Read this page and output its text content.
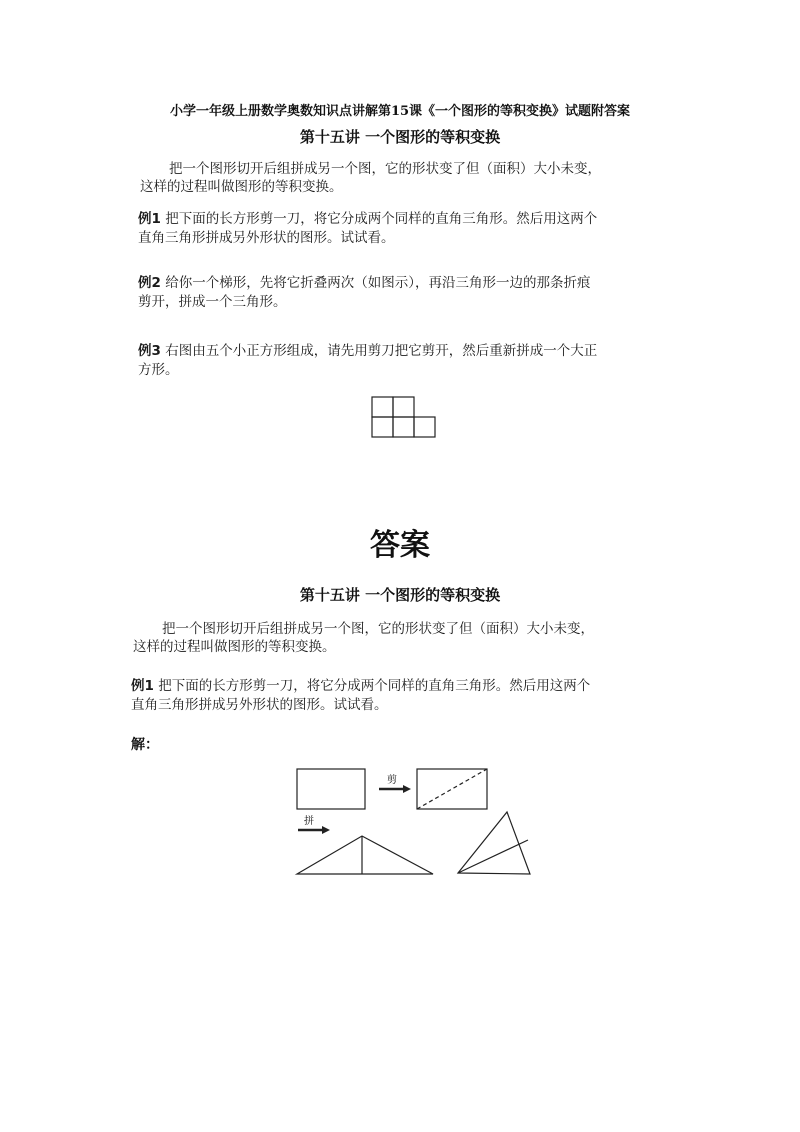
小学一年级上册数学奥数知识点讲解第15课《一个图形的等积变换》试题附答案
第十五讲 一个图形的等积变换
把一个图形切开后组拼成另一个图，它的形状变了但（面积）大小未变，
这样的过程叫做图形的等积变换。
例1 把下面的长方形剪一刀，将它分成两个同样的直角三角形。然后用这两个
直角三角形拼成另外形状的图形。试试看。
例2 给你一个梯形，先将它折叠两次（如图示），再沿三角形一边的那条折痕
剪开，拼成一个三角形。
例3 右图由五个小正方形组成，请先用剪刀把它剪开，然后重新拼成一个大正
方形。
答案
第十五讲 一个图形的等积变换
把一个图形切开后组拼成另一个图，它的形状变了但（面积）大小未变，
这样的过程叫做图形的等积变换。
例1 把下面的长方形剪一刀，将它分成两个同样的直角三角形。然后用这两个
直角三角形拼成另外形状的图形。试试看。
解：
剪
拼
